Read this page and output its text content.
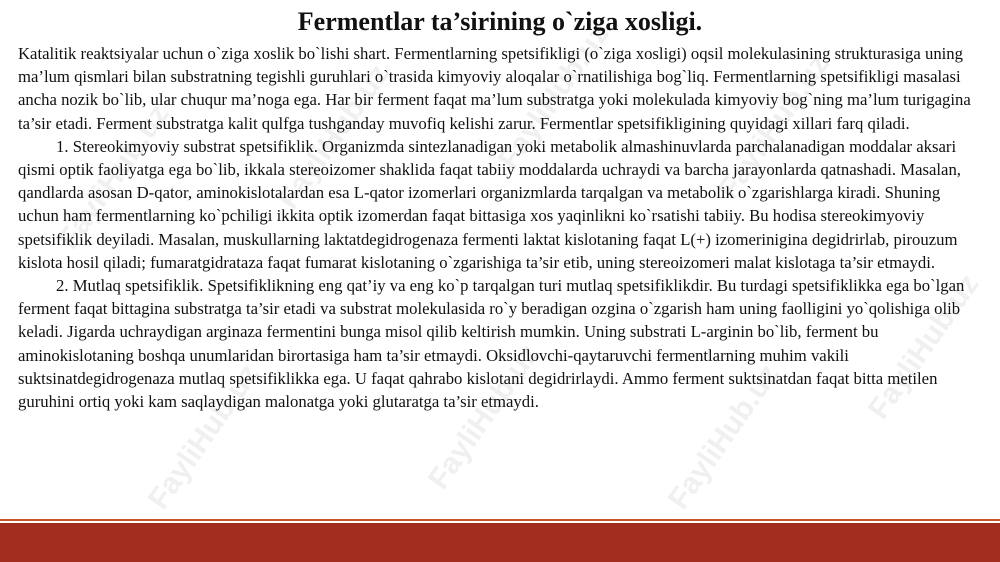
FayliHub.uz	FayliHub.uz	FayliHub.uz	FayliHub.uz
FayliHub.uz	FayliHub.uz	FayliHub.uz
FayliHub.uz
Fermentlar ta’sirining o`ziga xosligi.

Katalitik reaktsiyalar uchun o`ziga xoslik bo`lishi shart. Fermentlarning spetsifikligi (o`ziga xosligi) oqsil molekulasining strukturasiga uning ma’lum qismlari bilan substratning tegishli guruhlari o`trasida kimyoviy aloqalar o`rnatilishiga bog`liq. Fermentlarning spetsifikligi masalasi ancha nozik bo`lib, ular chuqur ma’noga ega. Har bir ferment faqat ma’lum substratga yoki molekulada kimyoviy bog`ning ma’lum turigagina ta’sir etadi. Ferment substratga kalit qulfga tushganday muvofiq kelishi zarur. Fermentlar spetsifikligining quyidagi xillari farq qiladi.

1. Stereokimyoviy substrat spetsifiklik. Organizmda sintezlanadigan yoki metabolik almashinuvlarda parchalanadigan moddalar aksari qismi optik faoliyatga ega bo`lib, ikkala stereoizomer shaklida faqat tabiiy moddalarda uchraydi va barcha jarayonlarda qatnashadi. Masalan, qandlarda asosan D-qator, aminokislotalardan esa L-qator izomerlari organizmlarda tarqalgan va metabolik o`zgarishlarga kiradi. Shuning uchun ham fermentlarning ko`pchiligi ikkita optik izomerdan faqat bittasiga xos yaqinlikni ko`rsatishi tabiiy. Bu hodisa stereokimyoviy spetsifiklik deyiladi. Masalan, muskullarning laktatdegidrogenaza fermenti laktat kislotaning faqat L(+) izomerinigina degidrirlab, pirouzum kislota hosil qiladi; fumaratgidrataza faqat fumarat kislotaning o`zgarishiga ta’sir etib, uning stereoizomeri malat kislotaga ta’sir etmaydi.

2. Mutlaq spetsifiklik. Spetsifiklikning eng qat’iy va eng ko`p tarqalgan turi mutlaq spetsifiklikdir. Bu turdagi spetsifiklikka ega bo`lgan ferment faqat bittagina substratga ta’sir etadi va substrat molekulasida ro`y beradigan ozgina o`zgarish ham uning faolligini yo`qolishiga olib keladi. Jigarda uchraydigan arginaza fermentini bunga misol qilib keltirish mumkin. Uning substrati L-arginin bo`lib, ferment bu aminokislotaning boshqa unumlaridan birortasiga ham ta’sir etmaydi. Oksidlovchi-qaytaruvchi fermentlarning muhim vakili suktsinatdegidrogenaza mutlaq spetsifiklikka ega. U faqat qahrabo kislotani degidrirlaydi. Ammo ferment suktsinatdan faqat bitta metilen guruhini ortiq yoki kam saqlaydigan malonatga yoki glutaratga ta’sir etmaydi.
